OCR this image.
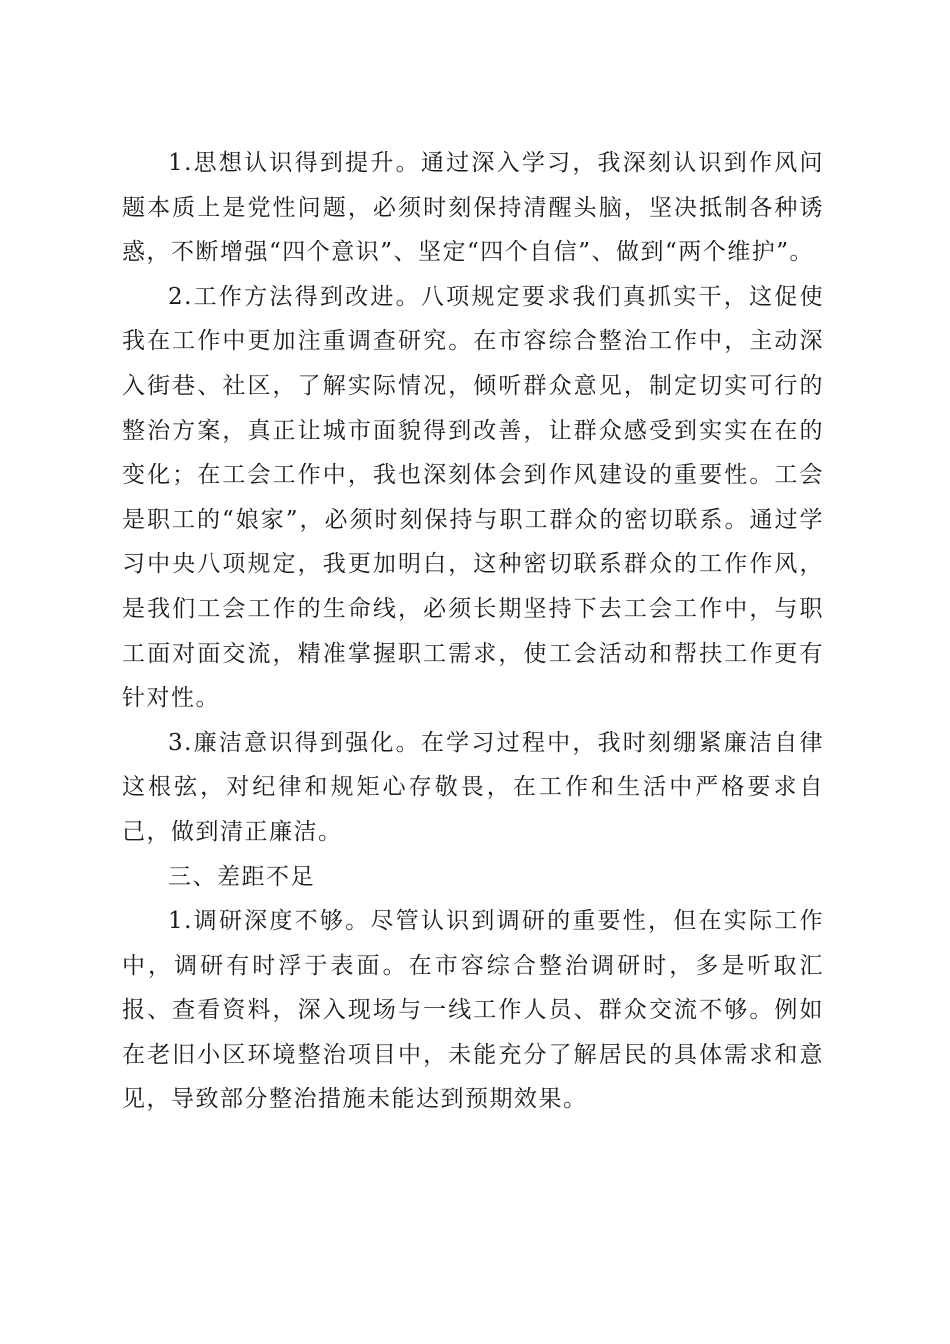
1.思想认识得到提升。通过深入学习，我深刻认识到作风问题本质上是党性问题，必须时刻保持清醒头脑，坚决抵制各种诱惑，不断增强“四个意识”、坚定“四个自信”、做到“两个维护”。

2.工作方法得到改进。八项规定要求我们真抓实干，这促使我在工作中更加注重调查研究。在市容综合整治工作中，主动深入街巷、社区，了解实际情况，倾听群众意见，制定切实可行的整治方案，真正让城市面貌得到改善，让群众感受到实实在在的变化；在工会工作中，我也深刻体会到作风建设的重要性。工会是职工的“娘家”，必须时刻保持与职工群众的密切联系。通过学习中央八项规定，我更加明白，这种密切联系群众的工作作风，是我们工会工作的生命线，必须长期坚持下去工会工作中，与职工面对面交流，精准掌握职工需求，使工会活动和帮扶工作更有针对性。

3.廉洁意识得到强化。在学习过程中，我时刻绷紧廉洁自律这根弦，对纪律和规矩心存敬畏，在工作和生活中严格要求自己，做到清正廉洁。

三、差距不足

1.调研深度不够。尽管认识到调研的重要性，但在实际工作中，调研有时浮于表面。在市容综合整治调研时，多是听取汇报、查看资料，深入现场与一线工作人员、群众交流不够。例如在老旧小区环境整治项目中，未能充分了解居民的具体需求和意见，导致部分整治措施未能达到预期效果。
